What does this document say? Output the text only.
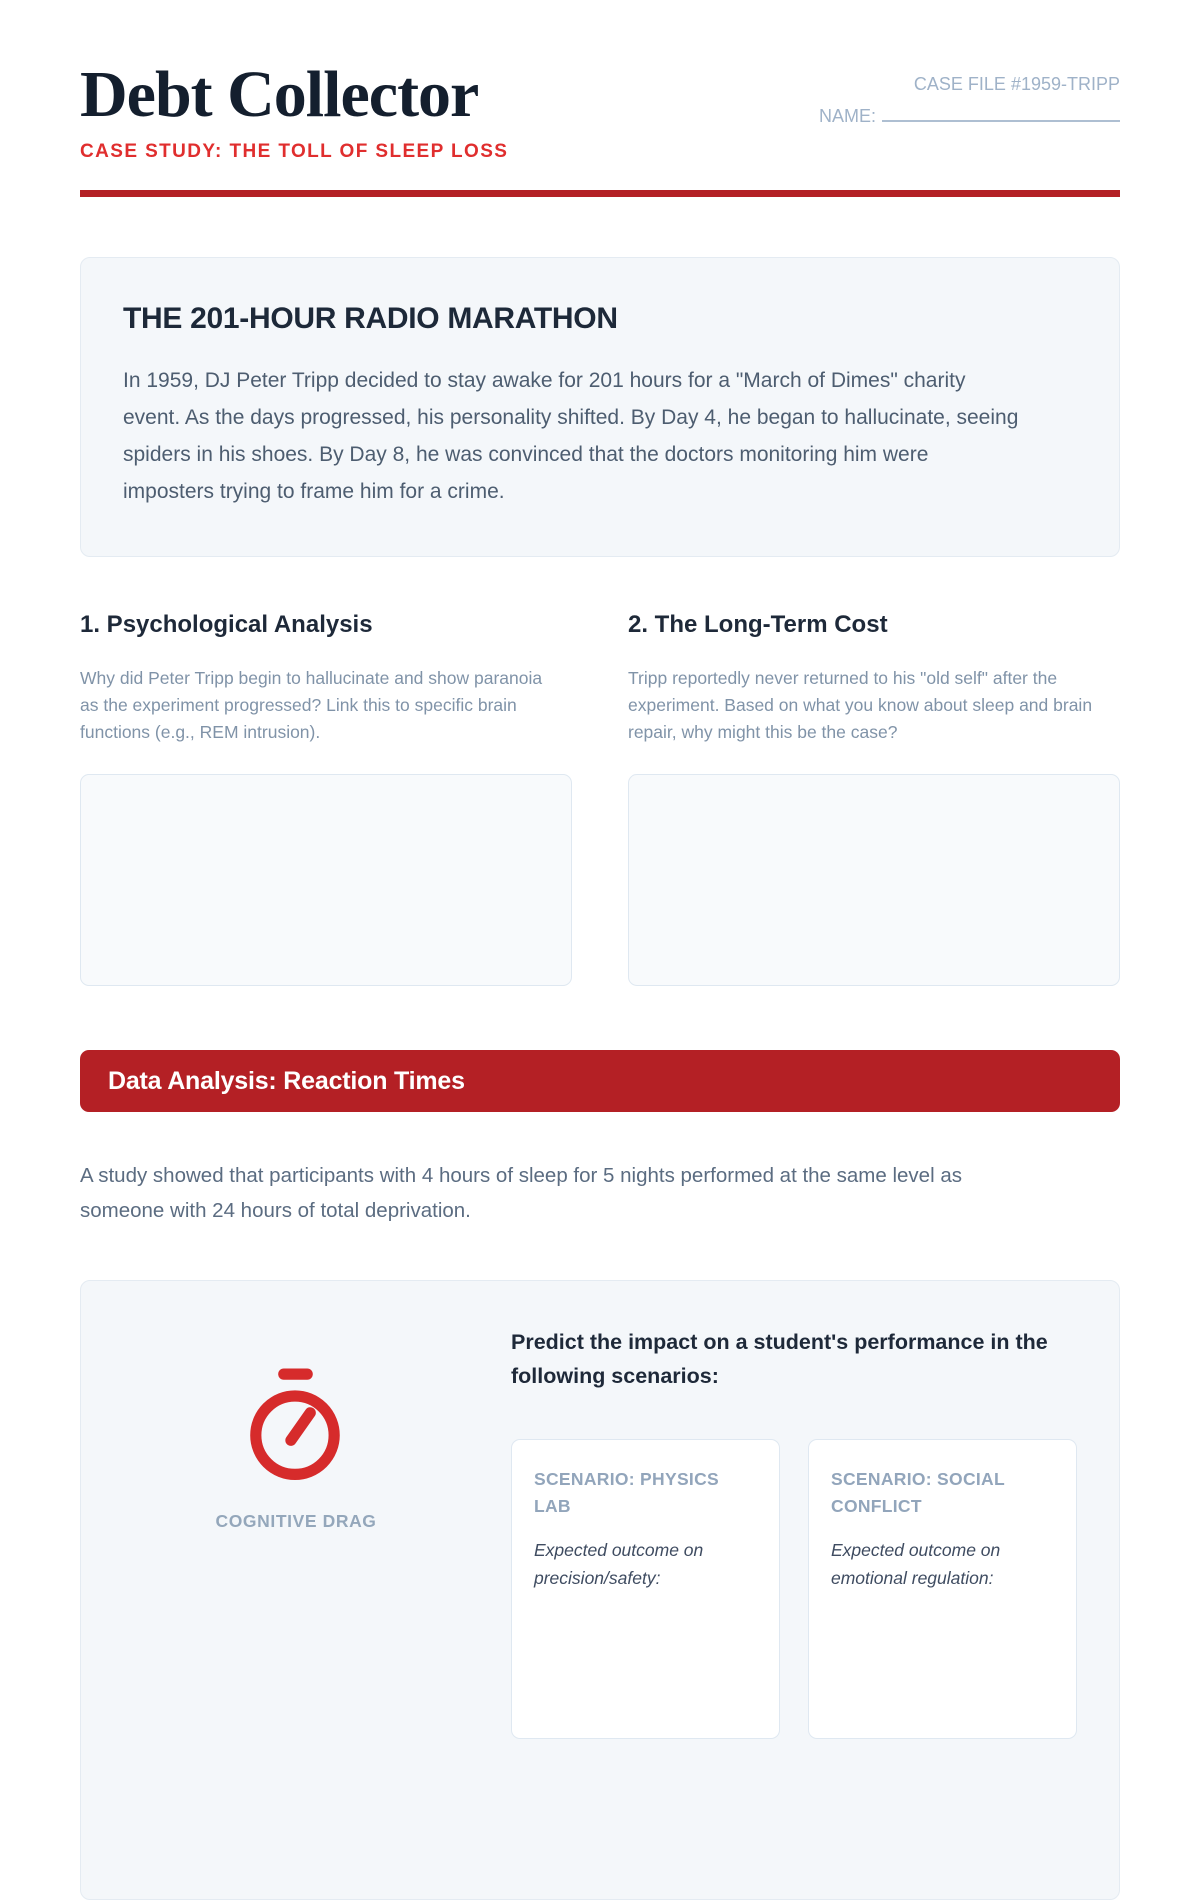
Debt Collector
CASE STUDY: THE TOLL OF SLEEP LOSS
CASE FILE #1959-TRIPP
NAME:
THE 201-HOUR RADIO MARATHON

In 1959, DJ Peter Tripp decided to stay awake for 201 hours for a "March of Dimes" charity event. As the days progressed, his personality shifted. By Day 4, he began to hallucinate, seeing spiders in his shoes. By Day 8, he was convinced that the doctors monitoring him were imposters trying to frame him for a crime.

1. Psychological Analysis

Why did Peter Tripp begin to hallucinate and show paranoia as the experiment progressed? Link this to specific brain functions (e.g., REM intrusion).

2. The Long-Term Cost

Tripp reportedly never returned to his "old self" after the experiment. Based on what you know about sleep and brain repair, why might this be the case?

Data Analysis: Reaction Times

A study showed that participants with 4 hours of sleep for 5 nights performed at the same level as someone with 24 hours of total deprivation.

COGNITIVE DRAG
Predict the impact on a student's performance in the following scenarios:
SCENARIO: PHYSICS LAB
Expected outcome on precision/safety:
SCENARIO: SOCIAL CONFLICT
Expected outcome on emotional regulation:
